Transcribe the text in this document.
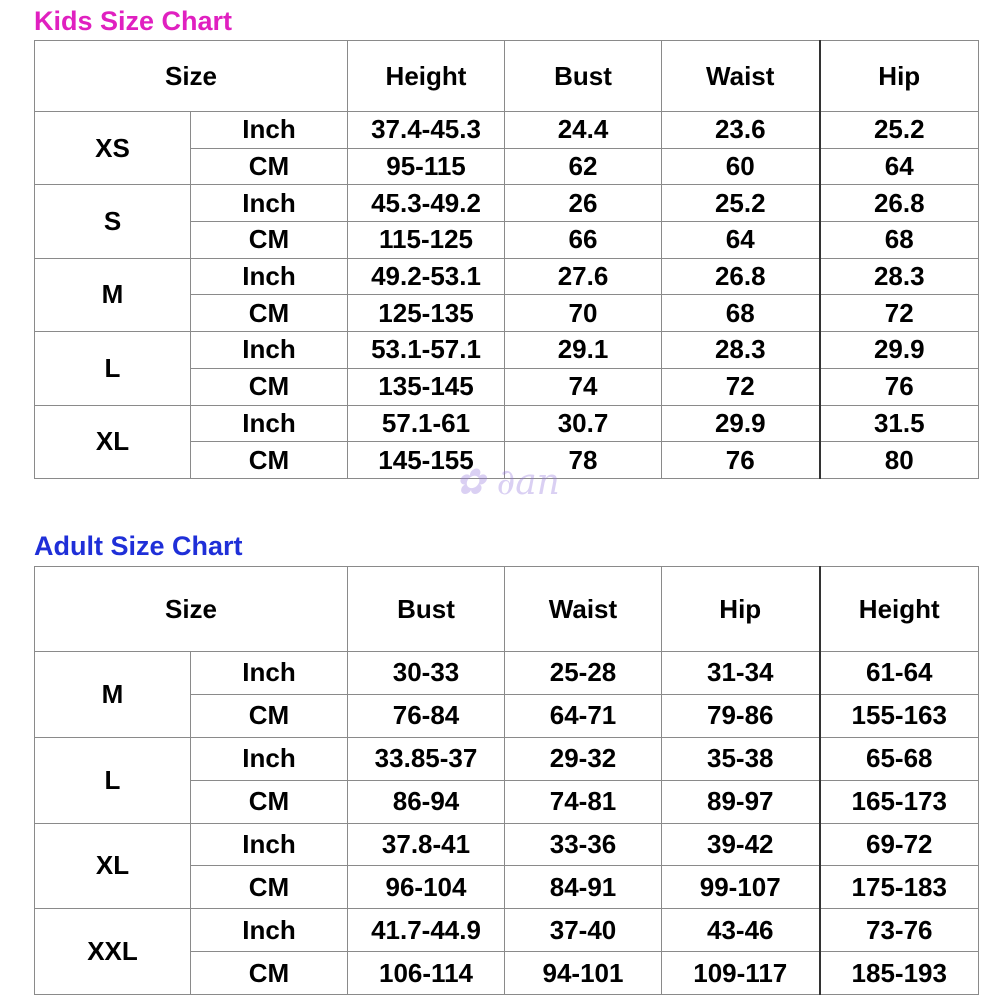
Kids Size Chart
Size		Height	Bust	Waist	Hip
XS	Inch	37.4-45.3	24.4	23.6	25.2
	CM	95-115	62	60	64
S	Inch	45.3-49.2	26	25.2	26.8
	CM	115-125	66	64	68
M	Inch	49.2-53.1	27.6	26.8	28.3
	CM	125-135	70	68	72
L	Inch	53.1-57.1	29.1	28.3	29.9
	CM	135-145	74	72	76
XL	Inch	57.1-61	30.7	29.9	31.5
	CM	145-155	78	76	80
✿ ∂an
Adult Size Chart
Size		Bust	Waist	Hip	Height
M	Inch	30-33	25-28	31-34	61-64
	CM	76-84	64-71	79-86	155-163
L	Inch	33.85-37	29-32	35-38	65-68
	CM	86-94	74-81	89-97	165-173
XL	Inch	37.8-41	33-36	39-42	69-72
	CM	96-104	84-91	99-107	175-183
XXL	Inch	41.7-44.9	37-40	43-46	73-76
	CM	106-114	94-101	109-117	185-193
